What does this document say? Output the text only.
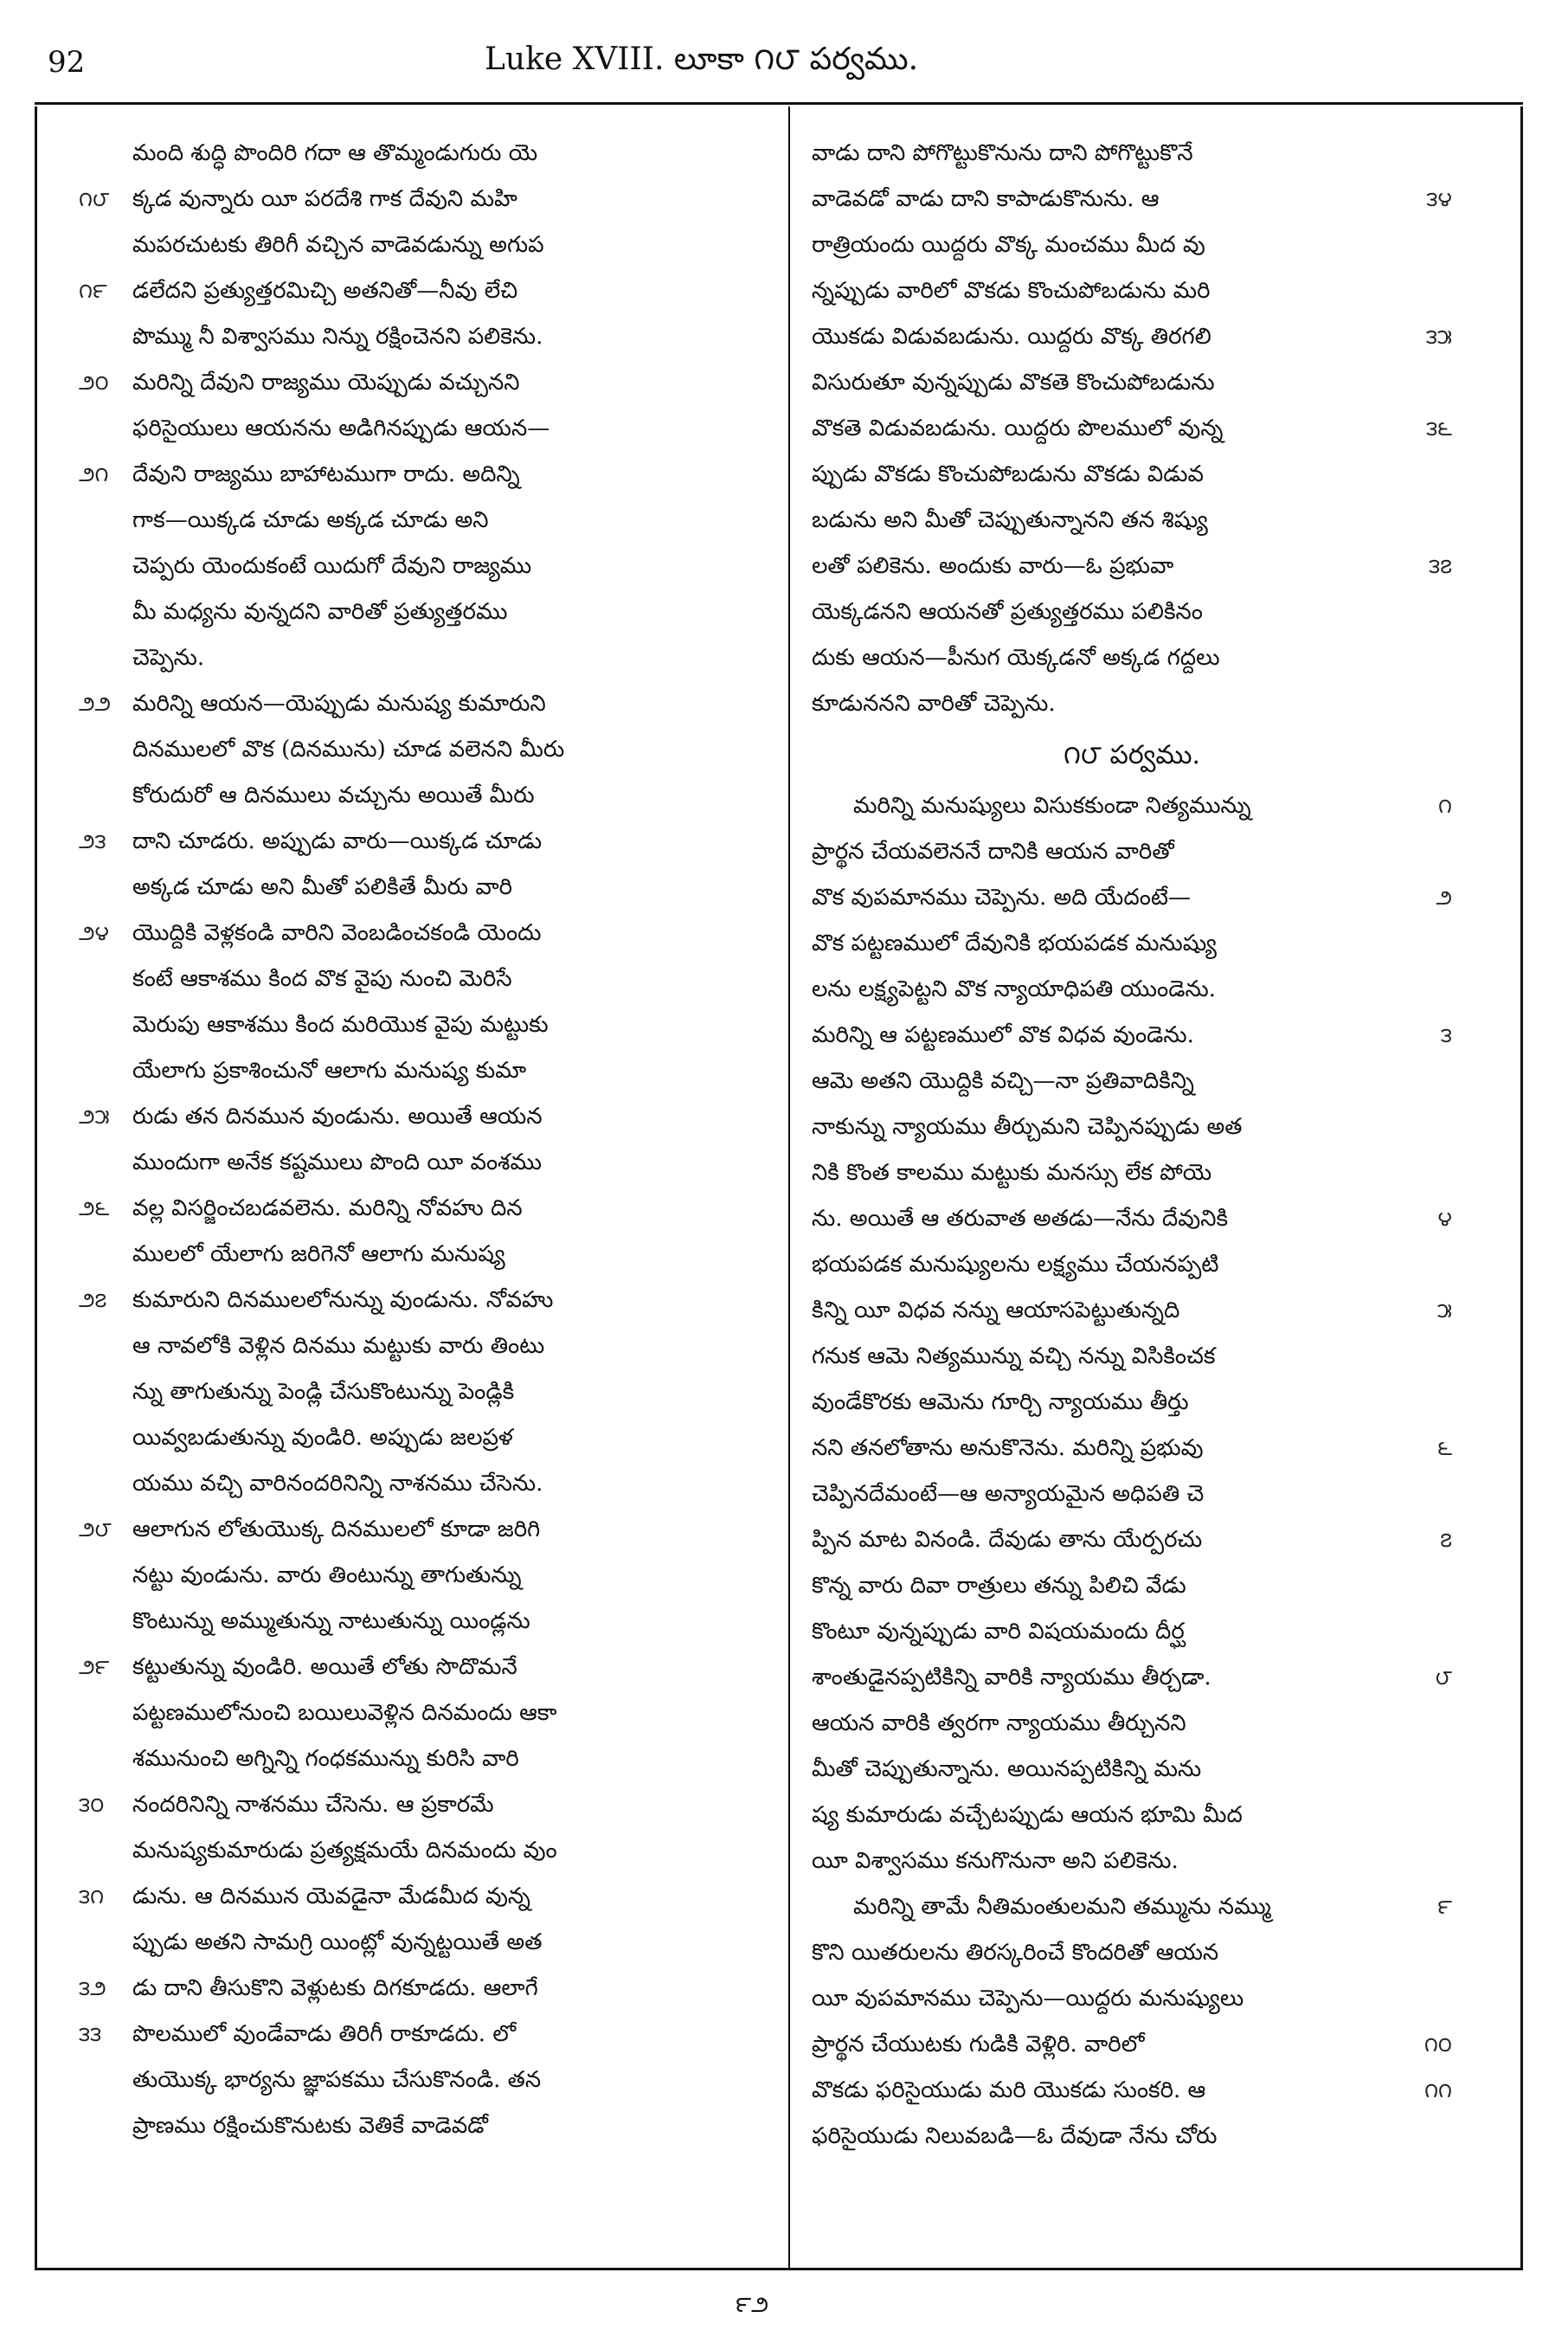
92	Luke XVIII. లూకా ౧౮ పర్వము.
మంది శుద్ధి పొందిరి గదా ఆ తొమ్మండుగురు యె
౧౮ క్కడ వున్నారు యీ పరదేశి గాక దేవుని మహి
మపరచుటకు తిరిగీ వచ్చిన వాడెవడున్ను అగుప
౧౯ డలేదని ప్రత్యుత్తరమిచ్చి అతనితో—నీవు లేచి
పొమ్ము నీ విశ్వాసము నిన్ను రక్షించెనని పలికెను.
౨౦ మరిన్ని దేవుని రాజ్యము యెప్పుడు వచ్చునని
ఫరిసైయులు ఆయనను అడిగినప్పుడు ఆయన—
౨౧ దేవుని రాజ్యము బాహాటముగా రాదు. అదిన్ని
గాక—యిక్కడ చూడు అక్కడ చూడు అని
చెప్పరు యెందుకంటే యిదుగో దేవుని రాజ్యము
మీ మధ్యను వున్నదని వారితో ప్రత్యుత్తరము
చెప్పెను.
౨౨ మరిన్ని ఆయన—యెప్పుడు మనుష్య కుమారుని
దినములలో వొక (దినమును) చూడ వలెనని మీరు
కోరుదురో ఆ దినములు వచ్చును అయితే మీరు
౨౩ దాని చూడరు. అప్పుడు వారు—యిక్కడ చూడు
అక్కడ చూడు అని మీతో పలికితే మీరు వారి
౨౪ యొద్దికి వెళ్లకండి వారిని వెంబడించకండి యెందు
కంటే ఆకాశము కింద వొక వైపు నుంచి మెరిసే
మెరుపు ఆకాశము కింద మరియొక వైపు మట్టుకు
యేలాగు ప్రకాశించునో ఆలాగు మనుష్య కుమా
౨౫ రుడు తన దినమున వుండును. అయితే ఆయన
ముందుగా అనేక కష్టములు పొంది యీ వంశము
౨౬ వల్ల విసర్జించబడవలెను. మరిన్ని నోవహు దిన
ములలో యేలాగు జరిగెనో ఆలాగు మనుష్య
౨౭ కుమారుని దినములలోనున్ను వుండును. నోవహు
ఆ నావలోకి వెళ్లిన దినము మట్టుకు వారు తింటు
న్ను తాగుతున్ను పెండ్లి చేసుకొంటున్ను పెండ్లికి
యివ్వబడుతున్ను వుండిరి. అప్పుడు జలప్రళ
యము వచ్చి వారినందరినిన్ని నాశనము చేసెను.
౨౮ ఆలాగున లోతుయొక్క దినములలో కూడా జరిగి
నట్టు వుండును. వారు తింటున్ను తాగుతున్ను
కొంటున్ను అమ్ముతున్ను నాటుతున్ను యిండ్లను
౨౯ కట్టుతున్ను వుండిరి. అయితే లోతు సొదొమనే
పట్టణములోనుంచి బయిలువెళ్లిన దినమందు ఆకా
శమునుంచి అగ్నిన్ని గంధకమున్ను కురిసి వారి
౩౦ నందరినిన్ని నాశనము చేసెను. ఆ ప్రకారమే
మనుష్యకుమారుడు ప్రత్యక్షమయే దినమందు వుం
౩౧ డును. ఆ దినమున యెవడైనా మేడమీద వున్న
ప్పుడు అతని సామగ్రి యింట్లో వున్నట్టయితే అత
౩౨ డు దాని తీసుకొని వెళ్లుటకు దిగకూడదు. ఆలాగే
౩౩ పొలములో వుండేవాడు తిరిగీ రాకూడదు. లో
తుయొక్క భార్యను జ్ఞాపకము చేసుకొనండి. తన
ప్రాణము రక్షించుకొనుటకు వెతికే వాడెవడో
వాడు దాని పోగొట్టుకొనును దాని పోగొట్టుకొనే
౩౪
వాడెవడో వాడు దాని కాపాడుకొనును. ఆ
రాత్రియందు యిద్దరు వొక్క మంచము మీద వు
న్నప్పుడు వారిలో వొకడు కొంచుపోబడును మరి
౩౫
యొకడు విడువబడును. యిద్దరు వొక్క తిరగలి
విసురుతూ వున్నప్పుడు వొకతె కొంచుపోబడును
౩౬
వొకతె విడువబడును. యిద్దరు పొలములో వున్న
ప్పుడు వొకడు కొంచుపోబడును వొకడు విడువ
బడును అని మీతో చెప్పుతున్నానని తన శిష్యు
౩౭
లతో పలికెను. అందుకు వారు—ఓ ప్రభువా
యెక్కడనని ఆయనతో ప్రత్యుత్తరము పలికినం
దుకు ఆయన—పీనుగ యెక్కడనో అక్కడ గద్దలు
కూడుననని వారితో చెప్పెను.
౧౮ పర్వము.
౧
మరిన్ని మనుష్యులు విసుకకుండా నిత్యమున్ను
ప్రార్థన చేయవలెననే దానికి ఆయన వారితో
౨
వొక వుపమానము చెప్పెను. అది యేదంటే—
వొక పట్టణములో దేవునికి భయపడక మనుష్యు
లను లక్ష్యపెట్టని వొక న్యాయాధిపతి యుండెను.
౩
మరిన్ని ఆ పట్టణములో వొక విధవ వుండెను.
ఆమె అతని యొద్దికి వచ్చి—నా ప్రతివాదికిన్ని
నాకున్ను న్యాయము తీర్చుమని చెప్పినప్పుడు అత
నికి కొంత కాలము మట్టుకు మనస్సు లేక పోయె
౪
ను. అయితే ఆ తరువాత అతడు—నేను దేవునికి
భయపడక మనుష్యులను లక్ష్యము చేయనప్పటి
౫
కిన్ని యీ విధవ నన్ను ఆయాసపెట్టుతున్నది
గనుక ఆమె నిత్యమున్ను వచ్చి నన్ను విసికించక
వుండేకొరకు ఆమెను గూర్చి న్యాయము తీర్తు
౬
నని తనలోతాను అనుకొనెను. మరిన్ని ప్రభువు
చెప్పినదేమంటే—ఆ అన్యాయమైన అధిపతి చె
౭
ప్పిన మాట వినండి. దేవుడు తాను యేర్పరచు
కొన్న వారు దివా రాత్రులు తన్ను పిలిచి వేడు
కొంటూ వున్నప్పుడు వారి విషయమందు దీర్ఘ
౮
శాంతుడైనప్పటికిన్ని వారికి న్యాయము తీర్చడా.
ఆయన వారికి త్వరగా న్యాయము తీర్చునని
మీతో చెప్పుతున్నాను. అయినప్పటికిన్ని మను
ష్య కుమారుడు వచ్చేటప్పుడు ఆయన భూమి మీద
యీ విశ్వాసము కనుగొనునా అని పలికెను.
౯
మరిన్ని తామే నీతిమంతులమని తమ్మును నమ్ము
కొని యితరులను తిరస్కరించే కొందరితో ఆయన
యీ వుపమానము చెప్పెను—యిద్దరు మనుష్యులు
౧౦
ప్రార్థన చేయుటకు గుడికి వెళ్లిరి. వారిలో
౧౧
వొకడు ఫరిసైయుడు మరి యొకడు సుంకరి. ఆ
ఫరిసైయుడు నిలువబడి—ఓ దేవుడా నేను చోరు
౯౨
